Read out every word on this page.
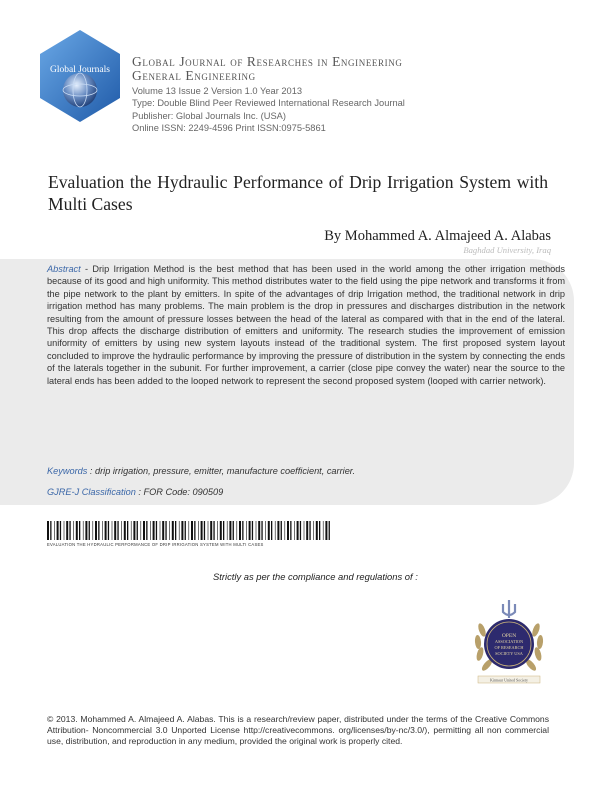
Global Journals
Global Journal of Researches in Engineering
General Engineering
Volume 13 Issue 2 Version 1.0 Year 2013
Type: Double Blind Peer Reviewed International Research Journal
Publisher: Global Journals Inc. (USA)
Online ISSN: 2249-4596 Print ISSN:0975-5861
Evaluation the Hydraulic Performance of Drip Irrigation System with Multi Cases
By Mohammed A. Almajeed A. Alabas
Baghdad University, Iraq
Abstract - Drip Irrigation Method is the best method that has been used in the world among the other irrigation methods because of its good and high uniformity. This method distributes water to the field using the pipe network and transforms it from the pipe network to the plant by emitters. In spite of the advantages of drip Irrigation method, the traditional network in drip irrigation method has many problems. The main problem is the drop in pressures and discharges distribution in the network resulting from the amount of pressure losses between the head of the lateral as compared with that in the end of the lateral. This drop affects the discharge distribution of emitters and uniformity. The research studies the improvement of emission uniformity of emitters by using new system layouts instead of the traditional system. The first proposed system layout concluded to improve the hydraulic performance by improving the pressure of distribution in the system by connecting the ends of the laterals together in the subunit. For further improvement, a carrier (close pipe convey the water) near the source to the lateral ends has been added to the looped network to represent the second proposed system (looped with carrier network).
Keywords : drip irrigation, pressure, emitter, manufacture coefficient, carrier.
GJRE-J Classification : FOR Code: 090509
EVALUATION THE HYDRAULIC PERFORMANCE OF DRIP IRRIGATION SYSTEM WITH MULTI CASES
Strictly as per the compliance and regulations of :
OPEN
ASSOCIATION
OF RESEARCH
SOCIETY USA
Kinnaur United Society
© 2013. Mohammed A. Almajeed A. Alabas. This is a research/review paper, distributed under the terms of the Creative Commons Attribution- Noncommercial 3.0 Unported License http://creativecommons. org/licenses/by-nc/3.0/), permitting all non commercial use, distribution, and reproduction in any medium, provided the original work is properly cited.
